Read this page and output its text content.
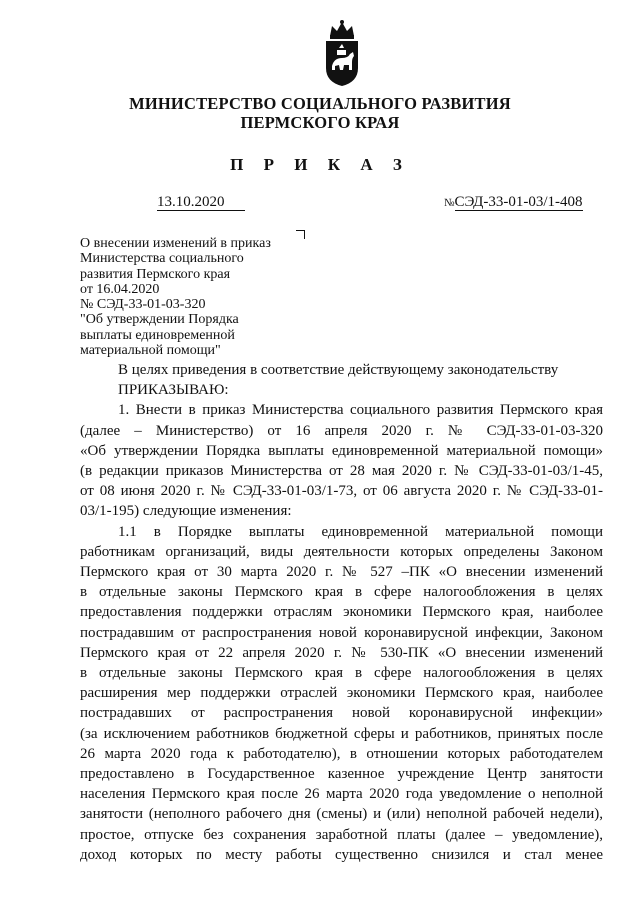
МИНИСТЕРСТВО СОЦИАЛЬНОГО РАЗВИТИЯ
ПЕРМСКОГО КРАЯ
П Р И К А З
13.10.2020	№СЭД-33-01-03/1-408
О внесении изменений в приказ
Министерства социального
развития Пермского края
от 16.04.2020
№ СЭД-33-01-03-320
"Об утверждении Порядка
выплаты единовременной
материальной помощи"
В целях приведения в соответствие действующему законодательству
ПРИКАЗЫВАЮ:
1. Внести в приказ Министерства социального развития Пермского края
(далее – Министерство) от 16 апреля 2020 г. № СЭД-33-01-03-320
«Об утверждении Порядка выплаты единовременной материальной помощи»
(в редакции приказов Министерства от 28 мая 2020 г. № СЭД-33-01-03/1-45,
от 08 июня 2020 г. № СЭД-33-01-03/1-73, от 06 августа 2020 г. № СЭД-33-01-
03/1-195) следующие изменения:
1.1 в Порядке выплаты единовременной материальной помощи
работникам организаций, виды деятельности которых определены Законом
Пермского края от 30 марта 2020 г. № 527 –ПК «О внесении изменений
в отдельные законы Пермского края в сфере налогообложения в целях
предоставления поддержки отраслям экономики Пермского края, наиболее
пострадавшим от распространения новой коронавирусной инфекции, Законом
Пермского края от 22 апреля 2020 г. № 530-ПК «О внесении изменений
в отдельные законы Пермского края в сфере налогообложения в целях
расширения мер поддержки отраслей экономики Пермского края, наиболее
пострадавших от распространения новой коронавирусной инфекции»
(за исключением работников бюджетной сферы и работников, принятых после
26 марта 2020 года к работодателю), в отношении которых работодателем
предоставлено в Государственное казенное учреждение Центр занятости
населения Пермского края после 26 марта 2020 года уведомление о неполной
занятости (неполного рабочего дня (смены) и (или) неполной рабочей недели),
простое, отпуске без сохранения заработной платы (далее – уведомление),
доход которых по месту работы существенно снизился и стал менее
